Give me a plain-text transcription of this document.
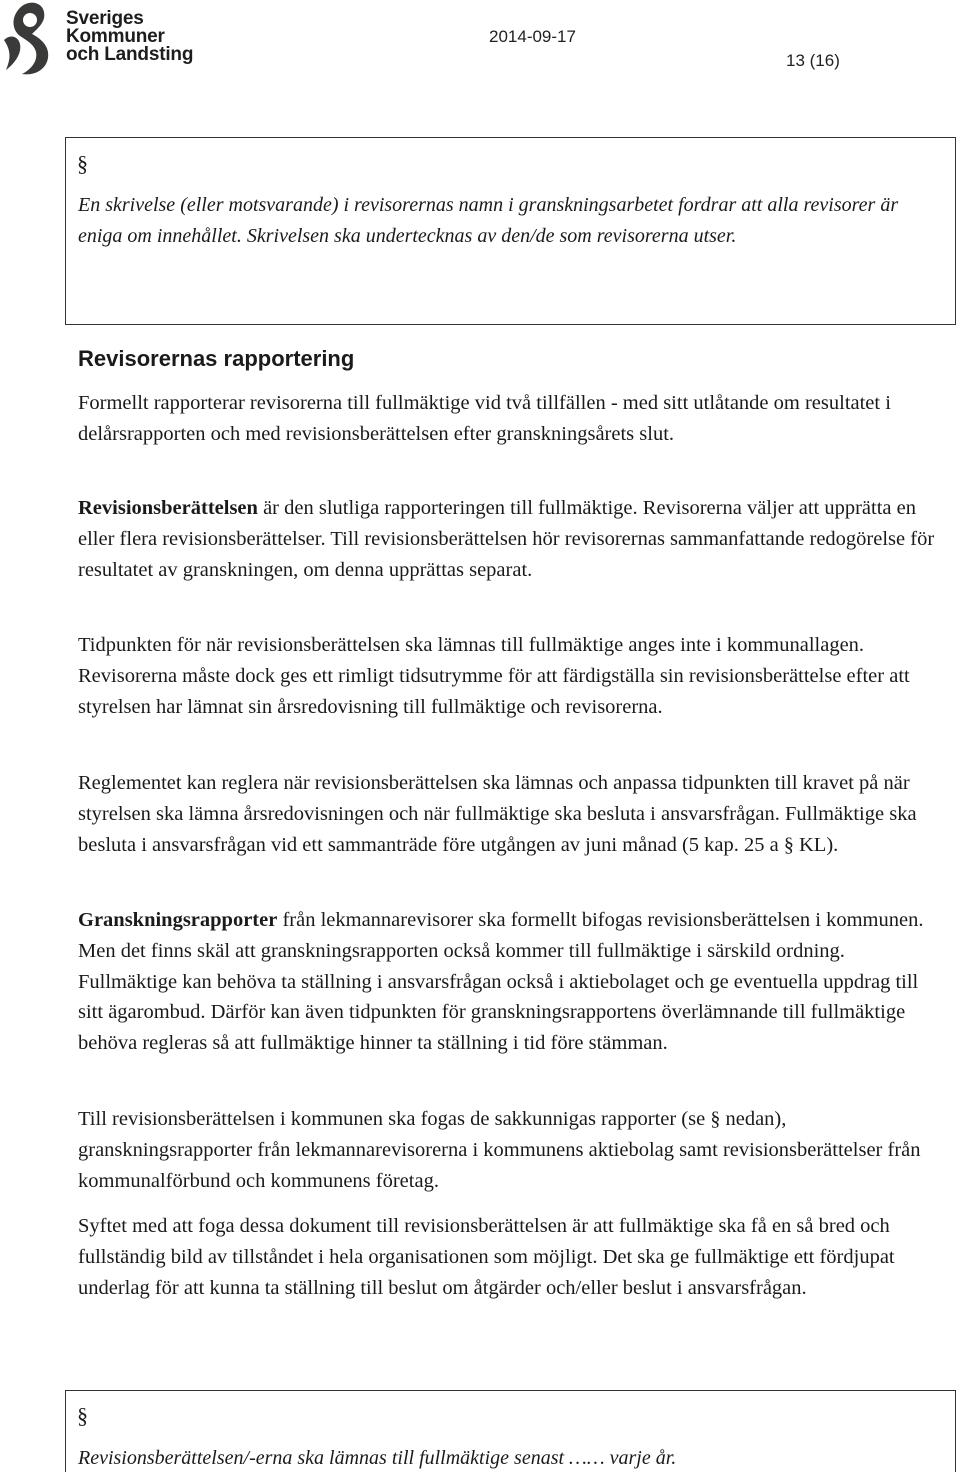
Sveriges
Kommuner
och Landsting
2014-09-17
13 (16)
§
En skrivelse (eller motsvarande) i revisorernas namn i granskningsarbetet fordrar att alla revisorer är eniga om innehållet. Skrivelsen ska undertecknas av den/de som revisorerna utser.
Revisorernas rapportering

Formellt rapporterar revisorerna till fullmäktige vid två tillfällen - med sitt utlåtande om resultatet i delårsrapporten och med revisionsberättelsen efter granskningsårets slut.

Revisionsberättelsen är den slutliga rapporteringen till fullmäktige. Revisorerna väljer att upprätta en eller flera revisionsberättelser. Till revisionsberättelsen hör revisorernas sammanfattande redogörelse för resultatet av granskningen, om denna upprättas separat.

Tidpunkten för när revisionsberättelsen ska lämnas till fullmäktige anges inte i kommunallagen. Revisorerna måste dock ges ett rimligt tidsutrymme för att färdigställa sin revisionsberättelse efter att styrelsen har lämnat sin årsredovisning till fullmäktige och revisorerna.

Reglementet kan reglera när revisionsberättelsen ska lämnas och anpassa tidpunkten till kravet på när styrelsen ska lämna årsredovisningen och när fullmäktige ska besluta i ansvarsfrågan. Fullmäktige ska besluta i ansvarsfrågan vid ett sammanträde före utgången av juni månad (5 kap. 25 a § KL).

Granskningsrapporter från lekmannarevisorer ska formellt bifogas revisionsberättelsen i kommunen. Men det finns skäl att granskningsrapporten också kommer till fullmäktige i särskild ordning. Fullmäktige kan behöva ta ställning i ansvarsfrågan också i aktiebolaget och ge eventuella uppdrag till sitt ägarombud. Därför kan även tidpunkten för granskningsrapportens överlämnande till fullmäktige behöva regleras så att fullmäktige hinner ta ställning i tid före stämman.

Till revisionsberättelsen i kommunen ska fogas de sakkunnigas rapporter (se § nedan), granskningsrapporter från lekmannarevisorerna i kommunens aktiebolag samt revisionsberättelser från kommunalförbund och kommunens företag.

Syftet med att foga dessa dokument till revisionsberättelsen är att fullmäktige ska få en så bred och fullständig bild av tillståndet i hela organisationen som möjligt. Det ska ge fullmäktige ett fördjupat underlag för att kunna ta ställning till beslut om åtgärder och/eller beslut i ansvarsfrågan.

§
Revisionsberättelsen/-erna ska lämnas till fullmäktige senast …… varje år.
